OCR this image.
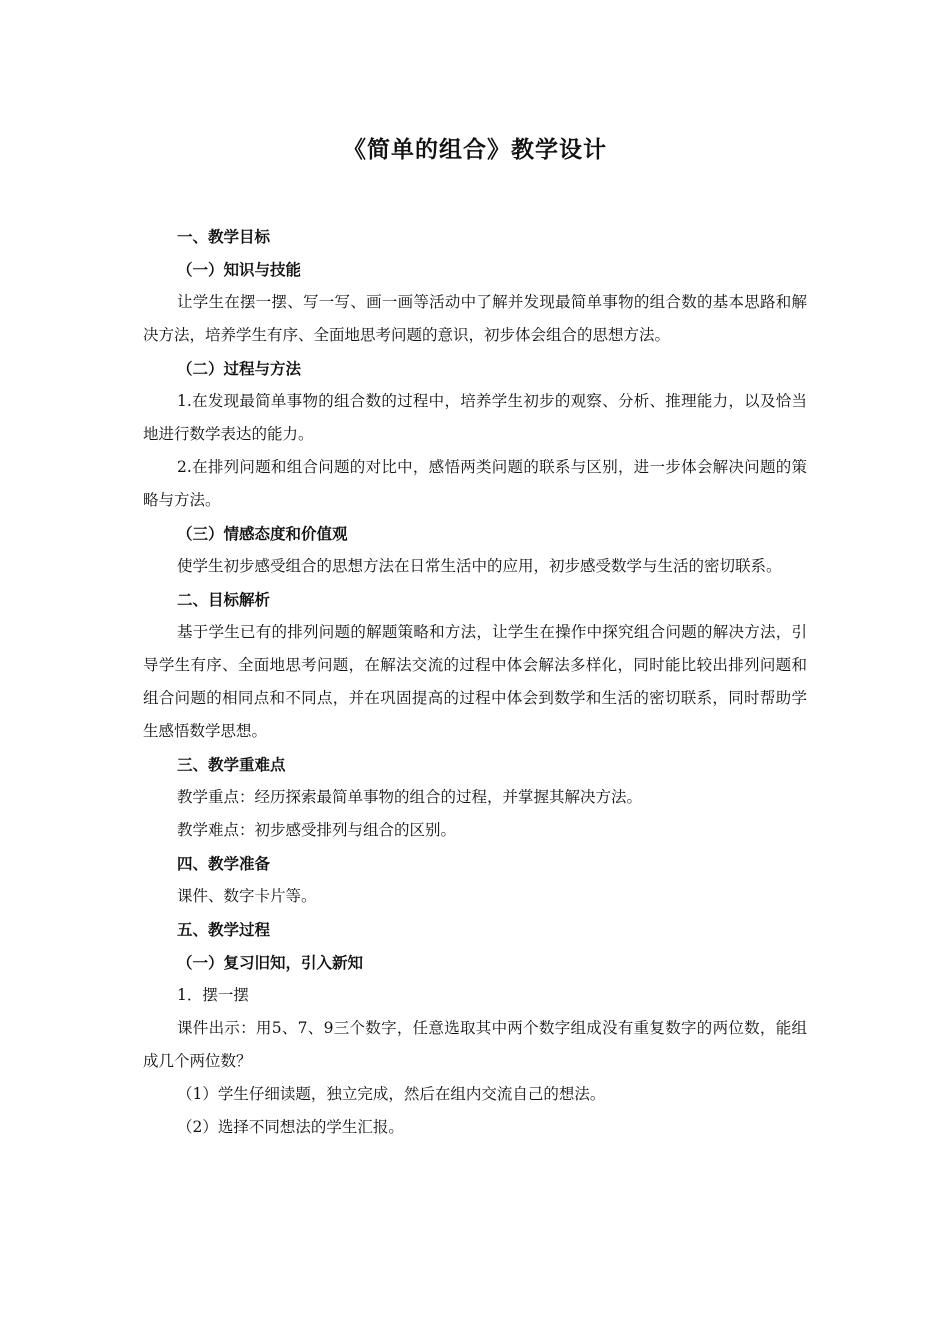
《简单的组合》教学设计

一、教学目标

（一）知识与技能

让学生在摆一摆、写一写、画一画等活动中了解并发现最简单事物的组合数的基本思路和解决方法，培养学生有序、全面地思考问题的意识，初步体会组合的思想方法。

（二）过程与方法

1.在发现最简单事物的组合数的过程中，培养学生初步的观察、分析、推理能力，以及恰当地进行数学表达的能力。

2.在排列问题和组合问题的对比中，感悟两类问题的联系与区别，进一步体会解决问题的策略与方法。

（三）情感态度和价值观

使学生初步感受组合的思想方法在日常生活中的应用，初步感受数学与生活的密切联系。

二、目标解析

基于学生已有的排列问题的解题策略和方法，让学生在操作中探究组合问题的解决方法，引导学生有序、全面地思考问题，在解法交流的过程中体会解法多样化，同时能比较出排列问题和组合问题的相同点和不同点，并在巩固提高的过程中体会到数学和生活的密切联系，同时帮助学生感悟数学思想。

三、教学重难点

教学重点：经历探索最简单事物的组合的过程，并掌握其解决方法。

教学难点：初步感受排列与组合的区别。

四、教学准备

课件、数字卡片等。

五、教学过程

（一）复习旧知，引入新知

1．摆一摆

课件出示：用5、7、9三个数字，任意选取其中两个数字组成没有重复数字的两位数，能组成几个两位数？

（1）学生仔细读题，独立完成，然后在组内交流自己的想法。

（2）选择不同想法的学生汇报。
